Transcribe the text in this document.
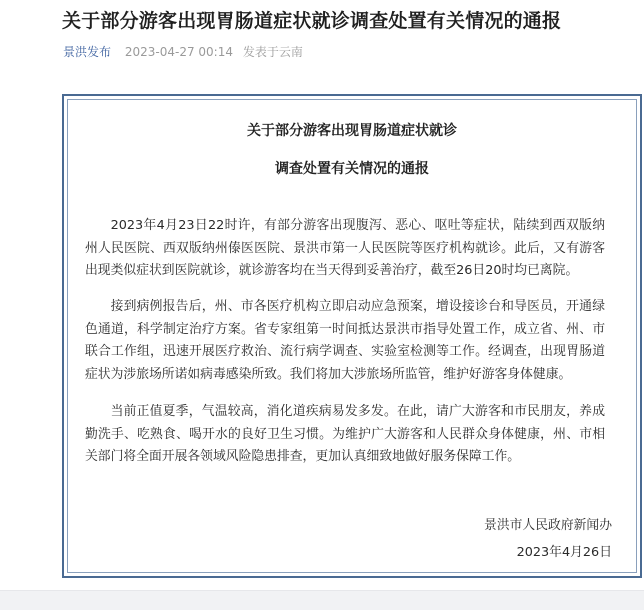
关于部分游客出现胃肠道症状就诊调查处置有关情况的通报
景洪发布 2023-04-27 00:14 发表于云南
关于部分游客出现胃肠道症状就诊
调查处置有关情况的通报

2023年4月23日22时许，有部分游客出现腹泻、恶心、呕吐等症状，陆续到西双版纳州人民医院、西双版纳州傣医医院、景洪市第一人民医院等医疗机构就诊。此后，又有游客出现类似症状到医院就诊，就诊游客均在当天得到妥善治疗，截至26日20时均已离院。

接到病例报告后，州、市各医疗机构立即启动应急预案，增设接诊台和导医员，开通绿色通道，科学制定治疗方案。省专家组第一时间抵达景洪市指导处置工作，成立省、州、市联合工作组，迅速开展医疗救治、流行病学调查、实验室检测等工作。经调查，出现胃肠道症状为涉旅场所诺如病毒感染所致。我们将加大涉旅场所监管，维护好游客身体健康。

当前正值夏季，气温较高，消化道疾病易发多发。在此，请广大游客和市民朋友，养成勤洗手、吃熟食、喝开水的良好卫生习惯。为维护广大游客和人民群众身体健康，州、市相关部门将全面开展各领域风险隐患排查，更加认真细致地做好服务保障工作。

景洪市人民政府新闻办
2023年4月26日
